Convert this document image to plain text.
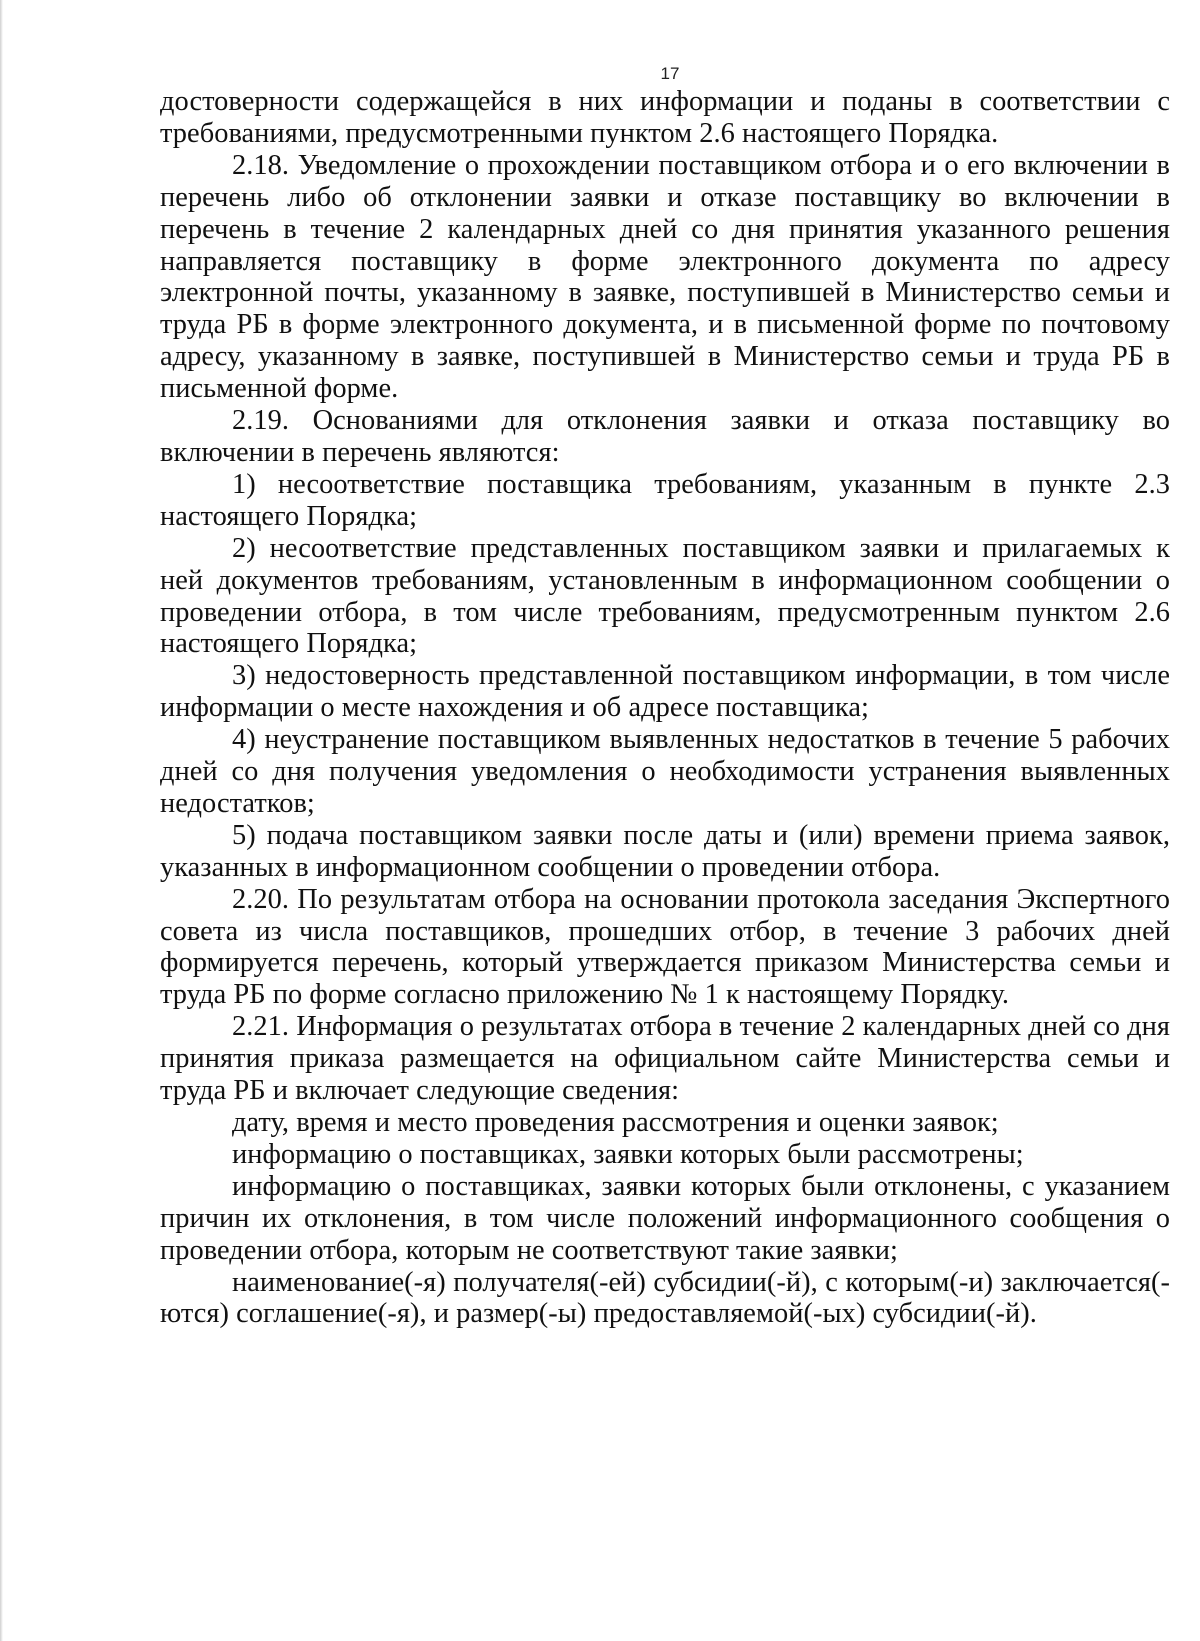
17

достоверности содержащейся в них информации и поданы в соответствии с требованиями, предусмотренными пунктом 2.6 настоящего Порядка.

2.18. Уведомление о прохождении поставщиком отбора и о его включении в перечень либо об отклонении заявки и отказе поставщику во включении в перечень в течение 2 календарных дней со дня принятия указанного решения направляется поставщику в форме электронного документа по адресу электронной почты, указанному в заявке, поступившей в Министерство семьи и труда РБ в форме электронного документа, и в письменной форме по почтовому адресу, указанному в заявке, поступившей в Министерство семьи и труда РБ в письменной форме.

2.19. Основаниями для отклонения заявки и отказа поставщику во включении в перечень являются:

1) несоответствие поставщика требованиям, указанным в пункте 2.3 настоящего Порядка;

2) несоответствие представленных поставщиком заявки и прилагаемых к ней документов требованиям, установленным в информационном сообщении о проведении отбора, в том числе требованиям, предусмотренным пунктом 2.6 настоящего Порядка;

3) недостоверность представленной поставщиком информации, в том числе информации о месте нахождения и об адресе поставщика;

4) неустранение поставщиком выявленных недостатков в течение 5 рабочих дней со дня получения уведомления о необходимости устранения выявленных недостатков;

5) подача поставщиком заявки после даты и (или) времени приема заявок, указанных в информационном сообщении о проведении отбора.

2.20. По результатам отбора на основании протокола заседания Экспертного совета из числа поставщиков, прошедших отбор, в течение 3 рабочих дней формируется перечень, который утверждается приказом Министерства семьи и труда РБ по форме согласно приложению № 1 к настоящему Порядку.

2.21. Информация о результатах отбора в течение 2 календарных дней со дня принятия приказа размещается на официальном сайте Министерства семьи и труда РБ и включает следующие сведения:

дату, время и место проведения рассмотрения и оценки заявок;

информацию о поставщиках, заявки которых были рассмотрены;

информацию о поставщиках, заявки которых были отклонены, с указанием причин их отклонения, в том числе положений информационного сообщения о проведении отбора, которым не соответствуют такие заявки;

наименование(-я) получателя(-ей) субсидии(-й), с которым(-и) заключается(-ются) соглашение(-я), и размер(-ы) предоставляемой(-ых) субсидии(-й).
